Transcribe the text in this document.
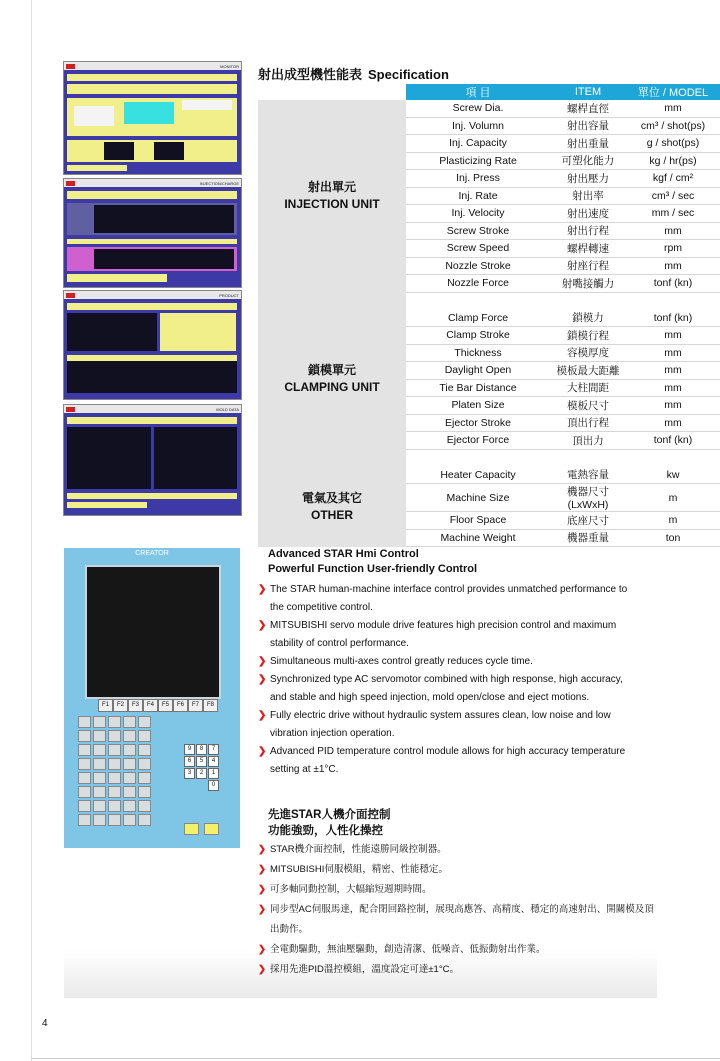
MONITOR

INJECTION/CHARGE

PRODUCT

MOLD DATA
射出成型機性能表 Specification
	項 目	ITEM	單位 / MODEL

射出單元
INJECTION UNIT	Screw Dia.	螺桿直徑	mm
	Inj. Volumn	射出容量	cm³ / shot(ps)
	Inj. Capacity	射出重量	g / shot(ps)
	Plasticizing Rate	可塑化能力	kg / hr(ps)
	Inj. Press	射出壓力	kgf / cm²
	Inj. Rate	射出率	cm³ / sec
	Inj. Velocity	射出速度	mm / sec
	Screw Stroke	射出行程	mm
	Screw Speed	螺桿轉速	rpm
	Nozzle Stroke	射座行程	mm
	Nozzle Force	射嘴接觸力	tonf (kn)

鎖模單元
CLAMPING UNIT	Clamp Force	鎖模力	tonf (kn)
	Clamp Stroke	鎖模行程	mm
	Thickness	容模厚度	mm
	Daylight Open	模板最大距離	mm
	Tie Bar Distance	大柱間距	mm
	Platen Size	模板尺寸	mm
	Ejector Stroke	頂出行程	mm
	Ejector Force	頂出力	tonf (kn)

電氣及其它
OTHER	Heater Capacity	電熱容量	kw
	Machine Size	機器尺寸(LxWxH)	m
	Floor Space	底座尺寸	m
	Machine Weight	機器重量	ton
CREATOR
F1	F2	F3	F4	F5	F6	F7	F8
9	8	7
6	5	4
3	2	1
0
Advanced STAR Hmi Control
Powerful Function User-friendly Control
❯ The STAR human-machine interface control provides unmatched performance to the competitive control.
❯ MITSUBISHI servo module drive features high precision control and maximum stability of control performance.
❯ Simultaneous multi-axes control greatly reduces cycle time.
❯ Synchronized type AC servomotor combined with high response, high accuracy, and stable and high speed injection, mold open/close and eject motions.
❯ Fully electric drive without hydraulic system assures clean, low noise and low vibration injection operation.
❯ Advanced PID temperature control module allows for high accuracy temperature setting at ±1°C.
先進STAR人機介面控制
功能強勁，人性化操控
❯ STAR機介面控制，性能遠勝同級控制器。
❯ MITSUBISHI伺服模組，精密、性能穩定。
❯ 可多軸同動控制，大幅縮短週期時間。
❯ 同步型AC伺服馬達，配合閉回路控制，展現高應答、高精度、穩定的高速射出、開關模及頂出動作。
❯ 全電動驅動，無油壓驅動，創造清潔、低噪音、低振動射出作業。
❯ 採用先進PID溫控模組，溫度設定可達±1°C。
4
